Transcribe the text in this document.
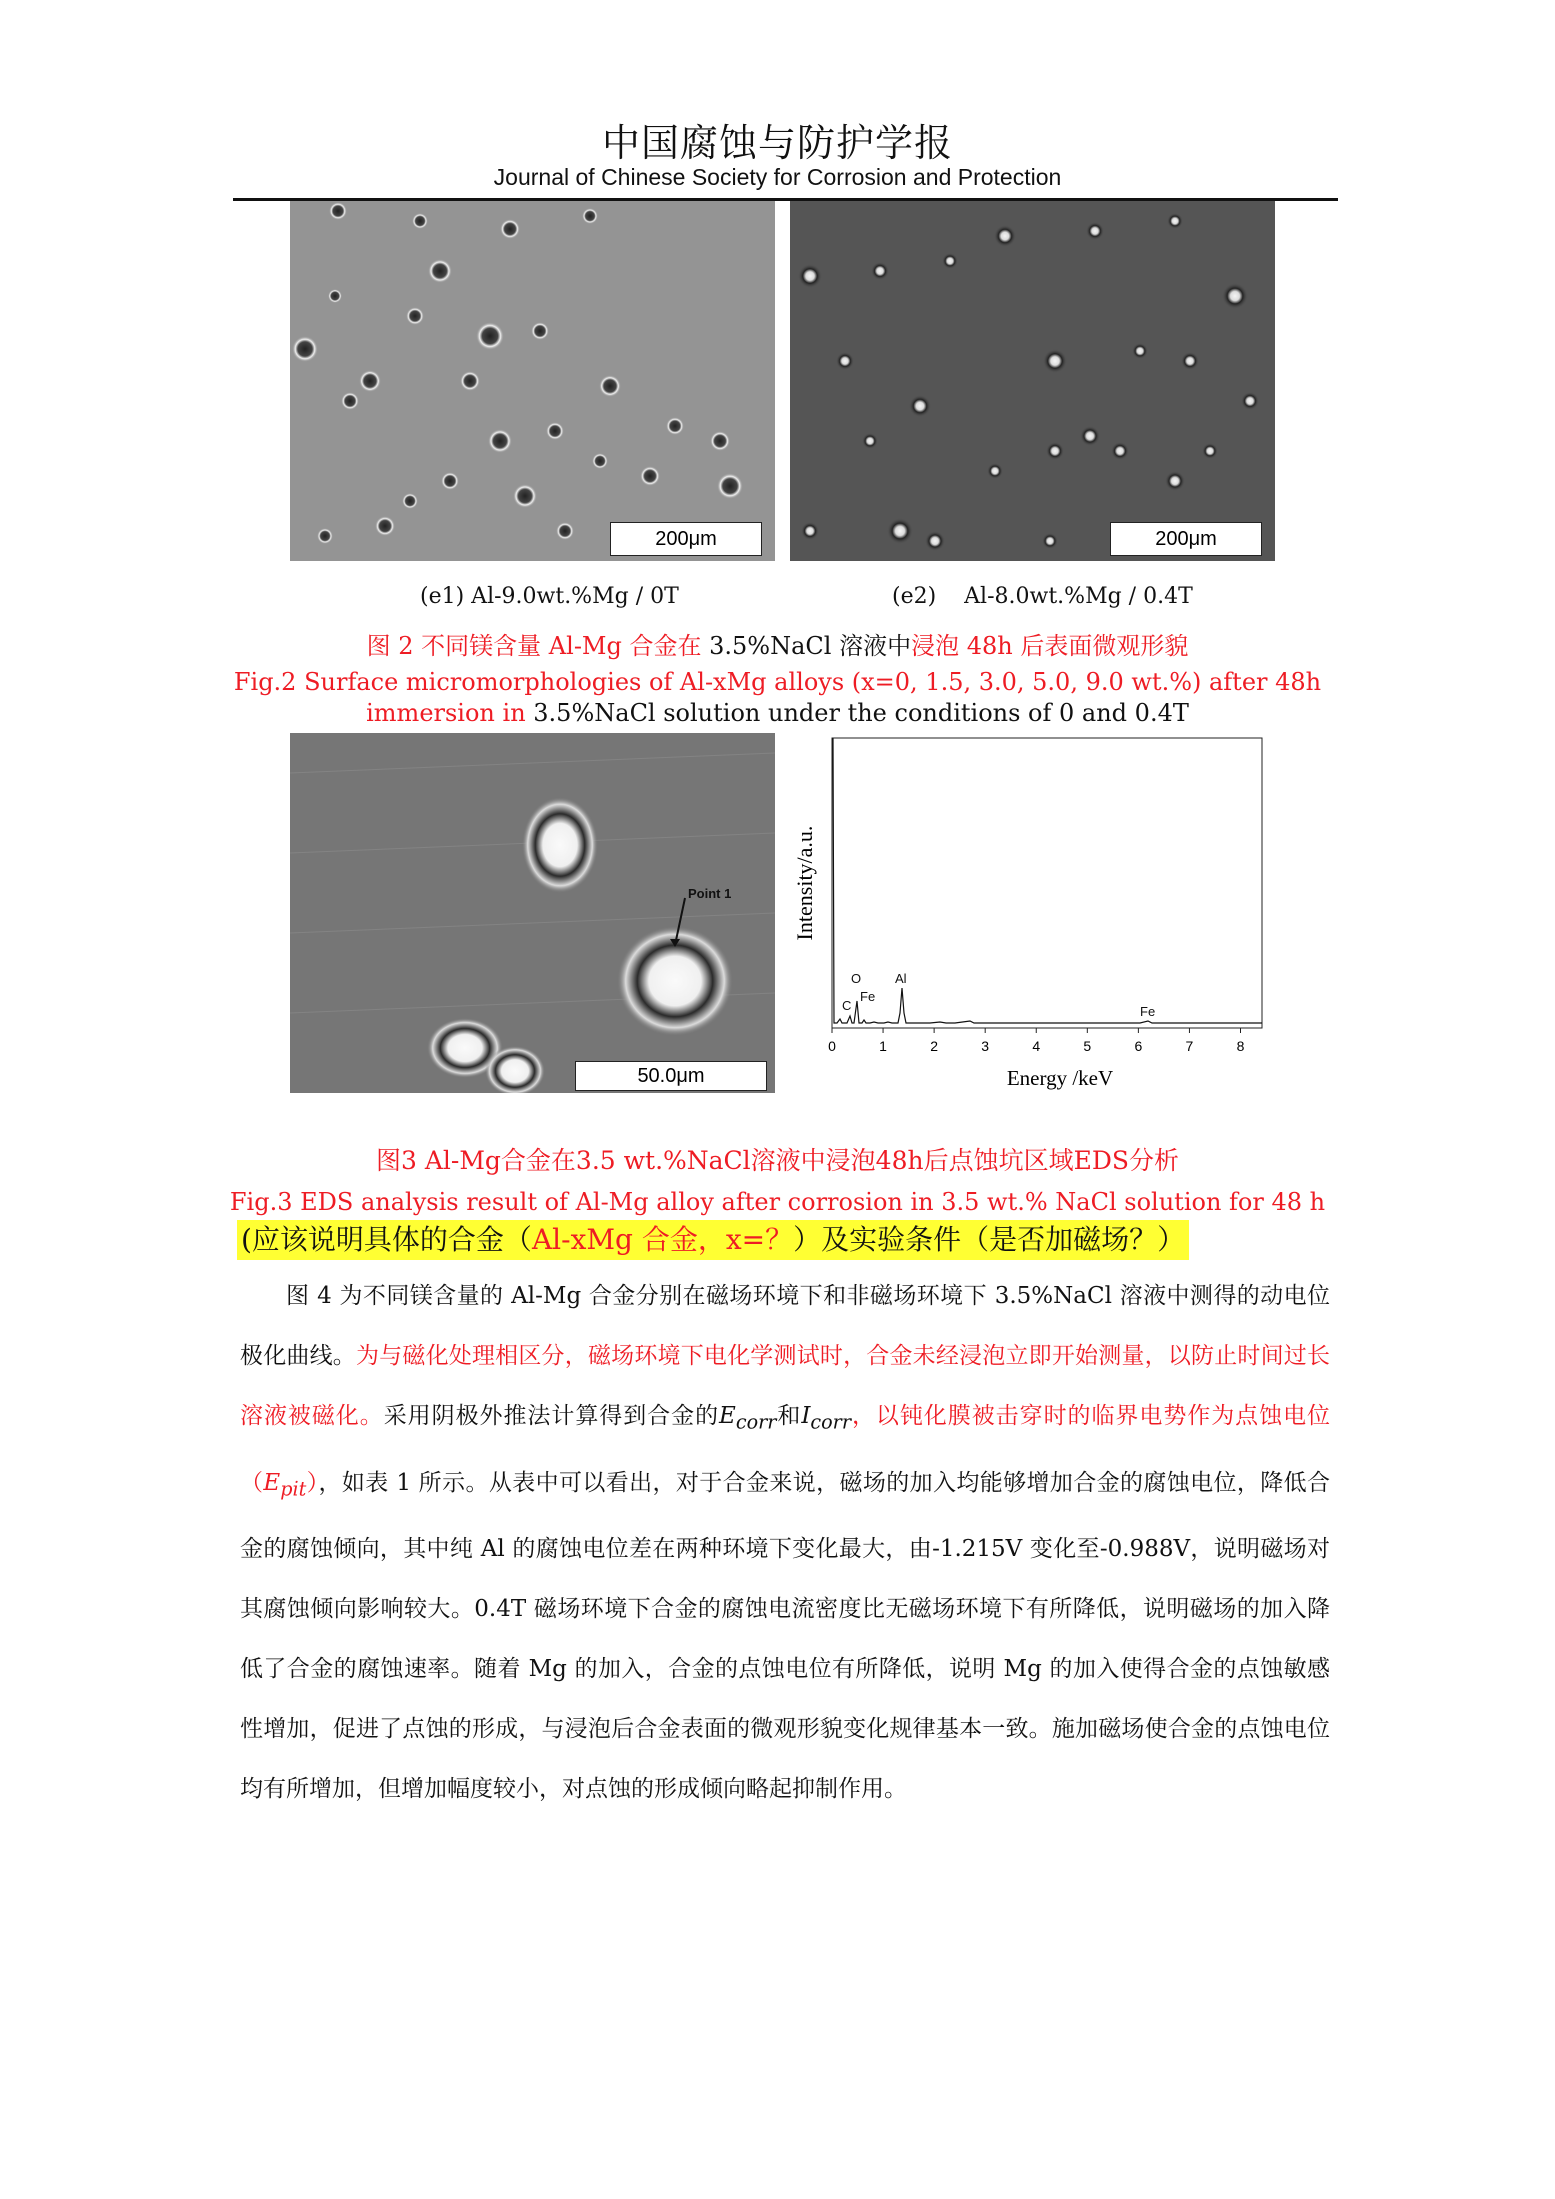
中国腐蚀与防护学报
Journal of Chinese Society for Corrosion and Protection
200μm	200μm
(e1) Al-9.0wt.%Mg / 0T	(e2)    Al-8.0wt.%Mg / 0.4T
图 2 不同镁含量 Al-Mg 合金在 3.5%NaCl 溶液中浸泡 48h 后表面微观形貌
Fig.2 Surface micromorphologies of Al-xMg alloys (x=0, 1.5, 3.0, 5.0, 9.0 wt.%) after 48h
immersion in 3.5%NaCl solution under the conditions of 0 and 0.4T
Point 1
50.0μm
Intensity/a.u.
Energy /keV
0	1	2	3	4	5	6	7	8
C
O
Fe
Al
Fe
图3 Al-Mg合金在3.5 wt.%NaCl溶液中浸泡48h后点蚀坑区域EDS分析
Fig.3 EDS analysis result of Al-Mg alloy after corrosion in 3.5 wt.% NaCl solution for 48 h
(应该说明具体的合金（Al-xMg 合金，x=？）及实验条件（是否加磁场？）

图 4 为不同镁含量的 Al-Mg 合金分别在磁场环境下和非磁场环境下 3.5%NaCl 溶液中测得的动电位极化曲线。为与磁化处理相区分，磁场环境下电化学测试时，合金未经浸泡立即开始测量，以防止时间过长溶液被磁化。采用阴极外推法计算得到合金的$E_{corr}$和$I_{corr}$，以钝化膜被击穿时的临界电势作为点蚀电位$(E_{pit})$，如表 1 所示。从表中可以看出，对于合金来说，磁场的加入均能够增加合金的腐蚀电位，降低合金的腐蚀倾向，其中纯 Al 的腐蚀电位差在两种环境下变化最大，由-1.215V 变化至-0.988V，说明磁场对其腐蚀倾向影响较大。0.4T 磁场环境下合金的腐蚀电流密度比无磁场环境下有所降低，说明磁场的加入降低了合金的腐蚀速率。随着 Mg 的加入，合金的点蚀电位有所降低，说明 Mg 的加入使得合金的点蚀敏感性增加，促进了点蚀的形成，与浸泡后合金表面的微观形貌变化规律基本一致。施加磁场使合金的点蚀电位均有所增加，但增加幅度较小，对点蚀的形成倾向略起抑制作用。
